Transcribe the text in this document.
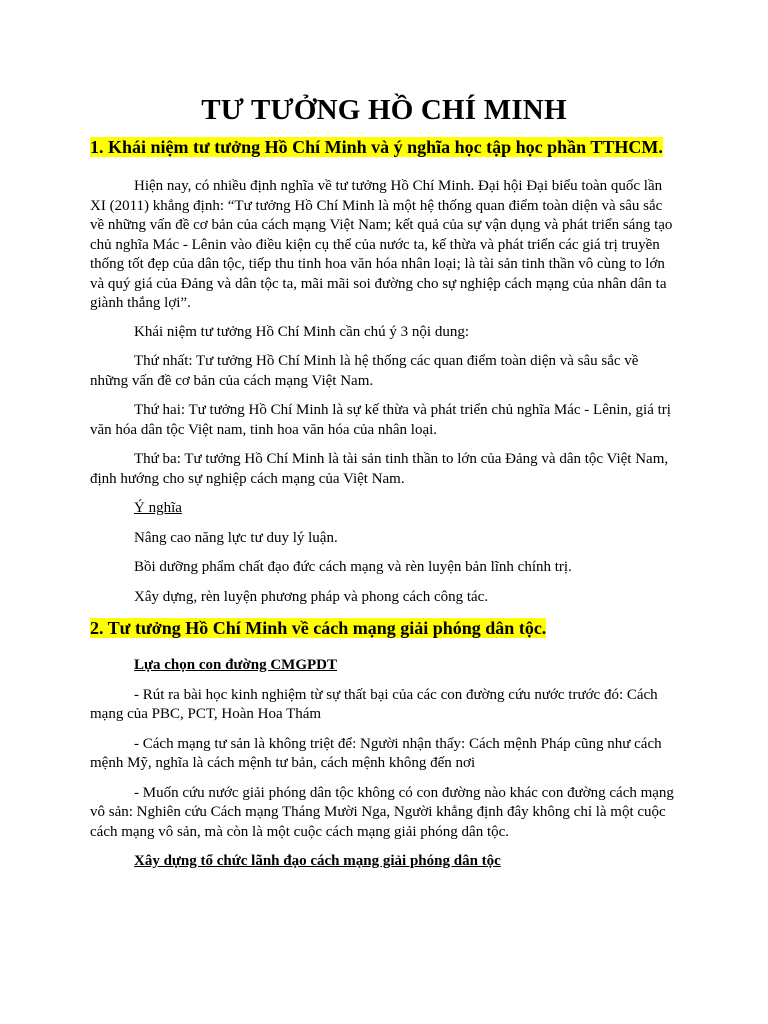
TƯ TƯỞNG HỒ CHÍ MINH
1. Khái niệm tư tưởng Hồ Chí Minh và ý nghĩa học tập học phần TTHCM.

Hiện nay, có nhiều định nghĩa về tư tưởng Hồ Chí Minh. Đại hội Đại biểu toàn quốc lần XI (2011) khẳng định: “Tư tưởng Hồ Chí Minh là một hệ thống quan điểm toàn diện và sâu sắc về những vấn đề cơ bản của cách mạng Việt Nam; kết quả của sự vận dụng và phát triển sáng tạo chủ nghĩa Mác - Lênin vào điều kiện cụ thể của nước ta, kế thừa và phát triển các giá trị truyền thống tốt đẹp của dân tộc, tiếp thu tinh hoa văn hóa nhân loại; là tài sản tinh thần vô cùng to lớn và quý giá của Đảng và dân tộc ta, mãi mãi soi đường cho sự nghiệp cách mạng của nhân dân ta giành thắng lợi”.

Khái niệm tư tưởng Hồ Chí Minh cần chú ý 3 nội dung:

Thứ nhất: Tư tưởng Hồ Chí Minh là hệ thống các quan điểm toàn diện và sâu sắc về những vấn đề cơ bản của cách mạng Việt Nam.

Thứ hai: Tư tưởng Hồ Chí Minh là sự kế thừa và phát triển chủ nghĩa Mác - Lênin, giá trị văn hóa dân tộc Việt nam, tinh hoa văn hóa của nhân loại.

Thứ ba: Tư tưởng Hồ Chí Minh là tài sản tinh thần to lớn của Đảng và dân tộc Việt Nam, định hướng cho sự nghiệp cách mạng của Việt Nam.

Ý nghĩa

Nâng cao năng lực tư duy lý luận.

Bồi dưỡng phẩm chất đạo đức cách mạng và rèn luyện bản lĩnh chính trị.

Xây dựng, rèn luyện phương pháp và phong cách công tác.

2. Tư tưởng Hồ Chí Minh về cách mạng giải phóng dân tộc.

Lựa chọn con đường CMGPDT

- Rút ra bài học kinh nghiệm từ sự thất bại của các con đường cứu nước trước đó: Cách mạng của PBC, PCT, Hoàn Hoa Thám

- Cách mạng tư sản là không triệt để: Người nhận thấy: Cách mệnh Pháp cũng như cách mệnh Mỹ, nghĩa là cách mệnh tư bản, cách mệnh không đến nơi

- Muốn cứu nước giải phóng dân tộc không có con đường nào khác con đường cách mạng vô sản: Nghiên cứu Cách mạng Tháng Mười Nga, Người khẳng định đây không chỉ là một cuộc cách mạng vô sản, mà còn là một cuộc cách mạng giải phóng dân tộc.

Xây dựng tổ chức lãnh đạo cách mạng giải phóng dân tộc
